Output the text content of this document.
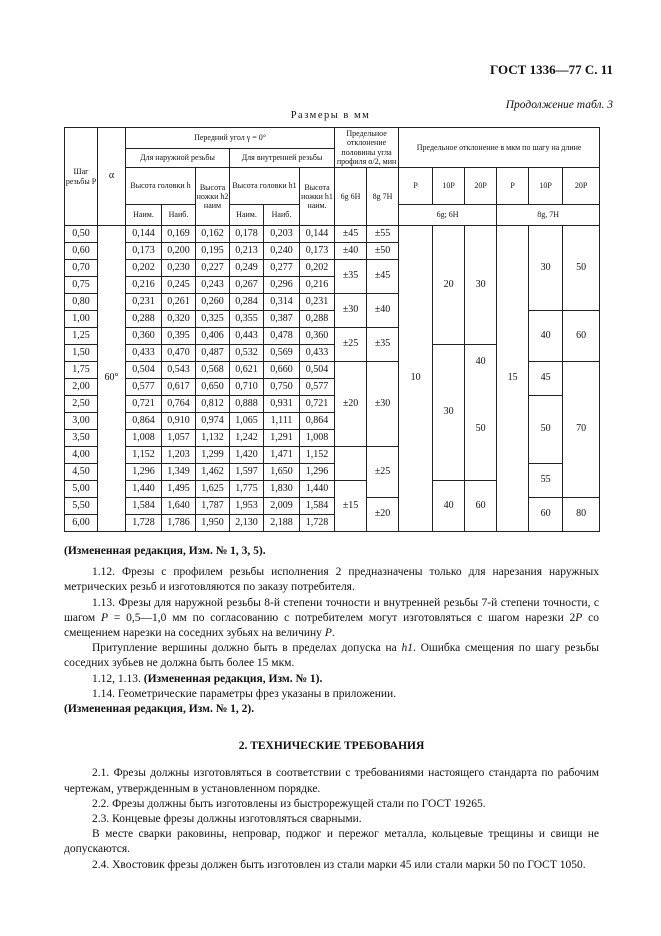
ГОСТ 1336—77 С. 11
Продолжение табл. 3
Размеры в мм
Шаг резьбы P	α	Передний угол γ = 0°						Предельное отклонение половины угла профиля α/2, мин		Предельное отклонение в мкм по шагу на длине					
		Для наружной резьбы			Для внутренней резьбы										
		Высота головки h		Высота ножки h2 наим	Высота головки h1		Высота ножки h1 наим.	6g 6H	8g 7H	P	10P	20P	P	10P	20P
		Наим.	Наиб.		Наим.	Наиб.				6g; 6H			8g, 7H		
0,50	60°	0,144	0,169	0,162	0,178	0,203	0,144	±45	±55		20	30		30	50
0,60		0,173	0,200	0,195	0,213	0,240	0,173	±40	±50						
0,70		0,202	0,230	0,227	0,249	0,277	0,202	±35	±45						
0,75		0,216	0,245	0,243	0,267	0,296	0,216								
0,80		0,231	0,261	0,260	0,284	0,314	0,231	±30	±40						
1,00		0,288	0,320	0,325	0,355	0,387	0,288							40	60
1,25		0,360	0,395	0,406	0,443	0,478	0,360	±25	±35						
1,50		0,433	0,470	0,487	0,532	0,569	0,433				30	40			
1,75		0,504	0,543	0,568	0,621	0,660	0,504	±20	±30	10			15	45	70
2,00		0,577	0,617	0,650	0,710	0,750	0,577					50			
2,50		0,721	0,764	0,812	0,888	0,931	0,721							50	
3,00		0,864	0,910	0,974	1,065	1,111	0,864								
3,50		1,008	1,057	1,132	1,242	1,291	1,008								
4,00		1,152	1,203	1,299	1,420	1,471	1,152		±25						
4,50		1,296	1,349	1,462	1,597	1,650	1,296							55	
5,00		1,440	1,495	1,625	1,775	1,830	1,440	±15			40	60			
5,50		1,584	1,640	1,787	1,953	2,009	1,584		±20					60	80
6,00		1,728	1,786	1,950	2,130	2,188	1,728								

(Измененная редакция, Изм. № 1, 3, 5).

1.12. Фрезы с профилем резьбы исполнения 2 предназначены только для нарезания наружных метрических резьб и изготовляются по заказу потребителя.

1.13. Фрезы для наружной резьбы 8-й степени точности и внутренней резьбы 7-й степени точности, с шагом P = 0,5—1,0 мм по согласованию с потребителем могут изготовляться с шагом нарезки 2P со смещением нарезки на соседних зубьях на величину P.

Притупление вершины должно быть в пределах допуска на h1. Ошибка смещения по шагу резьбы соседних зубьев не должна быть более 15 мкм.

1.12, 1.13. (Измененная редакция, Изм. № 1).

1.14. Геометрические параметры фрез указаны в приложении.

(Измененная редакция, Изм. № 1, 2).

2. ТЕХНИЧЕСКИЕ ТРЕБОВАНИЯ

2.1. Фрезы должны изготовляться в соответствии с требованиями настоящего стандарта по рабочим чертежам, утвержденным в установленном порядке.

2.2. Фрезы должны быть изготовлены из быстрорежущей стали по ГОСТ 19265.

2.3. Концевые фрезы должны изготовляться сварными.

В месте сварки раковины, непровар, поджог и пережог металла, кольцевые трещины и свищи не допускаются.

2.4. Хвостовик фрезы должен быть изготовлен из стали марки 45 или стали марки 50 по ГОСТ 1050.
